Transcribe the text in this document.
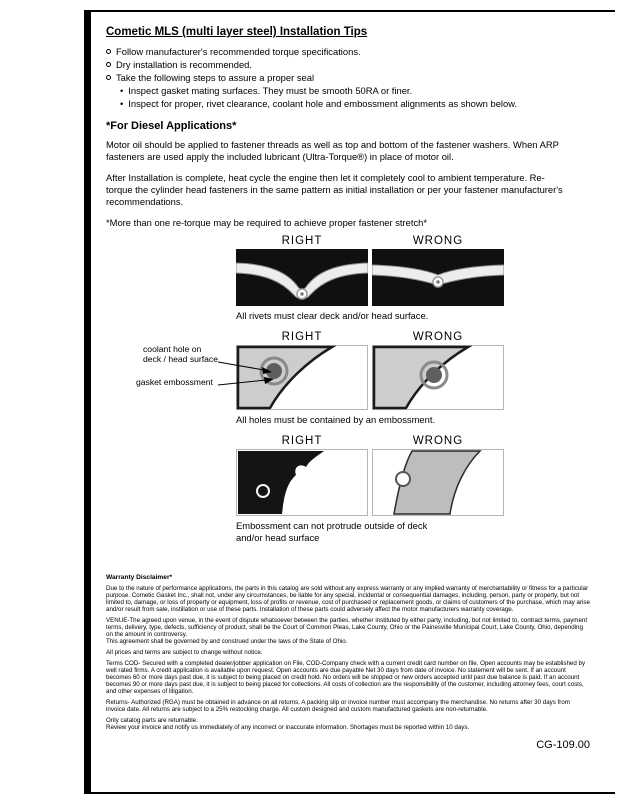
Cometic MLS (multi layer steel) Installation Tips
Follow manufacturer's recommended torque specifications.
Dry installation is recommended.
Take the following steps to assure a proper seal
• Inspect gasket mating surfaces. They must be smooth 50RA or finer.
• Inspect for proper, rivet clearance, coolant hole and embossment alignments as shown below.
*For Diesel Applications*

Motor oil should be applied to fastener threads as well as top and bottom of the fastener washers. When ARP fasteners are used apply the included lubricant (Ultra-Torque®) in place of motor oil.

After Installation is complete, heat cycle the engine then let it completely cool to ambient temperature. Re-torque the cylinder head fasteners in the same pattern as initial installation or per your fastener manufacturer's recommendations.

*More than one re-torque may be required to achieve proper fastener stretch*

RIGHT	WRONG
All rivets must clear deck and/or head surface.
coolant hole on deck / head surface
gasket embossment
RIGHT	WRONG
All holes must be contained by an embossment.
RIGHT	WRONG
Embossment can not protrude outside of deck and/or head surface
Warranty Disclaimer*

Due to the nature of performance applications, the parts in this catalog are sold without any express warranty or any implied warranty of merchantability or fitness for a particular purpose. Cometic Gasket Inc., shall not, under any circumstances, be liable for any special, incidental or consequential damages, including, person, party or property, but not limited to, damage, or loss of property or equipment, loss of profits or revenue, cost of purchased or replacement goods, or claims of customers of the purchase, which may arise and/or result from sale, instillation or use of these parts. Installation of these parts could adversely affect the motor manufacturers warranty coverage.

VENUE-The agreed upon venue, in the event of dispute whatsoever between the parties, whether instituted by either party, including, but not limited to, contract terms, payment terms, delivery, type, defects, sufficiency of product, shall be the Court of Common Pleas, Lake County, Ohio or the Painesville Municipal Court, Lake County, Ohio, depending on the amount in controversy.

This agreement shall be governed by and construed under the laws of the State of Ohio.

All prices and terms are subject to change without notice.

Terms COD- Secured with a completed dealer/jobber application on File, COD-Company check with a current credit card number on file. Open accounts may be established by well rated firms. A credit application is available upon request. Open accounts are due payable Net 30 days from date of invoice. No statement will be sent. If an account becomes 60 or more days past due, it is subject to being placed on credit hold. No orders will be shipped or new orders accepted until past due balance is paid. If an account becomes 90 or more days past due, it is subject to being placed for collections. All costs of collection are the responsibility of the customer, including attorney fees, court costs, and other expenses of litigation.

Returns- Authorized (RGA) must be obtained in advance on all returns. A packing slip or invoice number must accompany the merchandise. No returns after 30 days from invoice date. All returns are subject to a 25% restocking charge. All custom designed and custom manufactured gaskets are non-returnable.

Only catalog parts are returnable.

Review your invoice and notify us immediately of any incorrect or inaccurate information. Shortages must be reported within 10 days.

CG-109.00
